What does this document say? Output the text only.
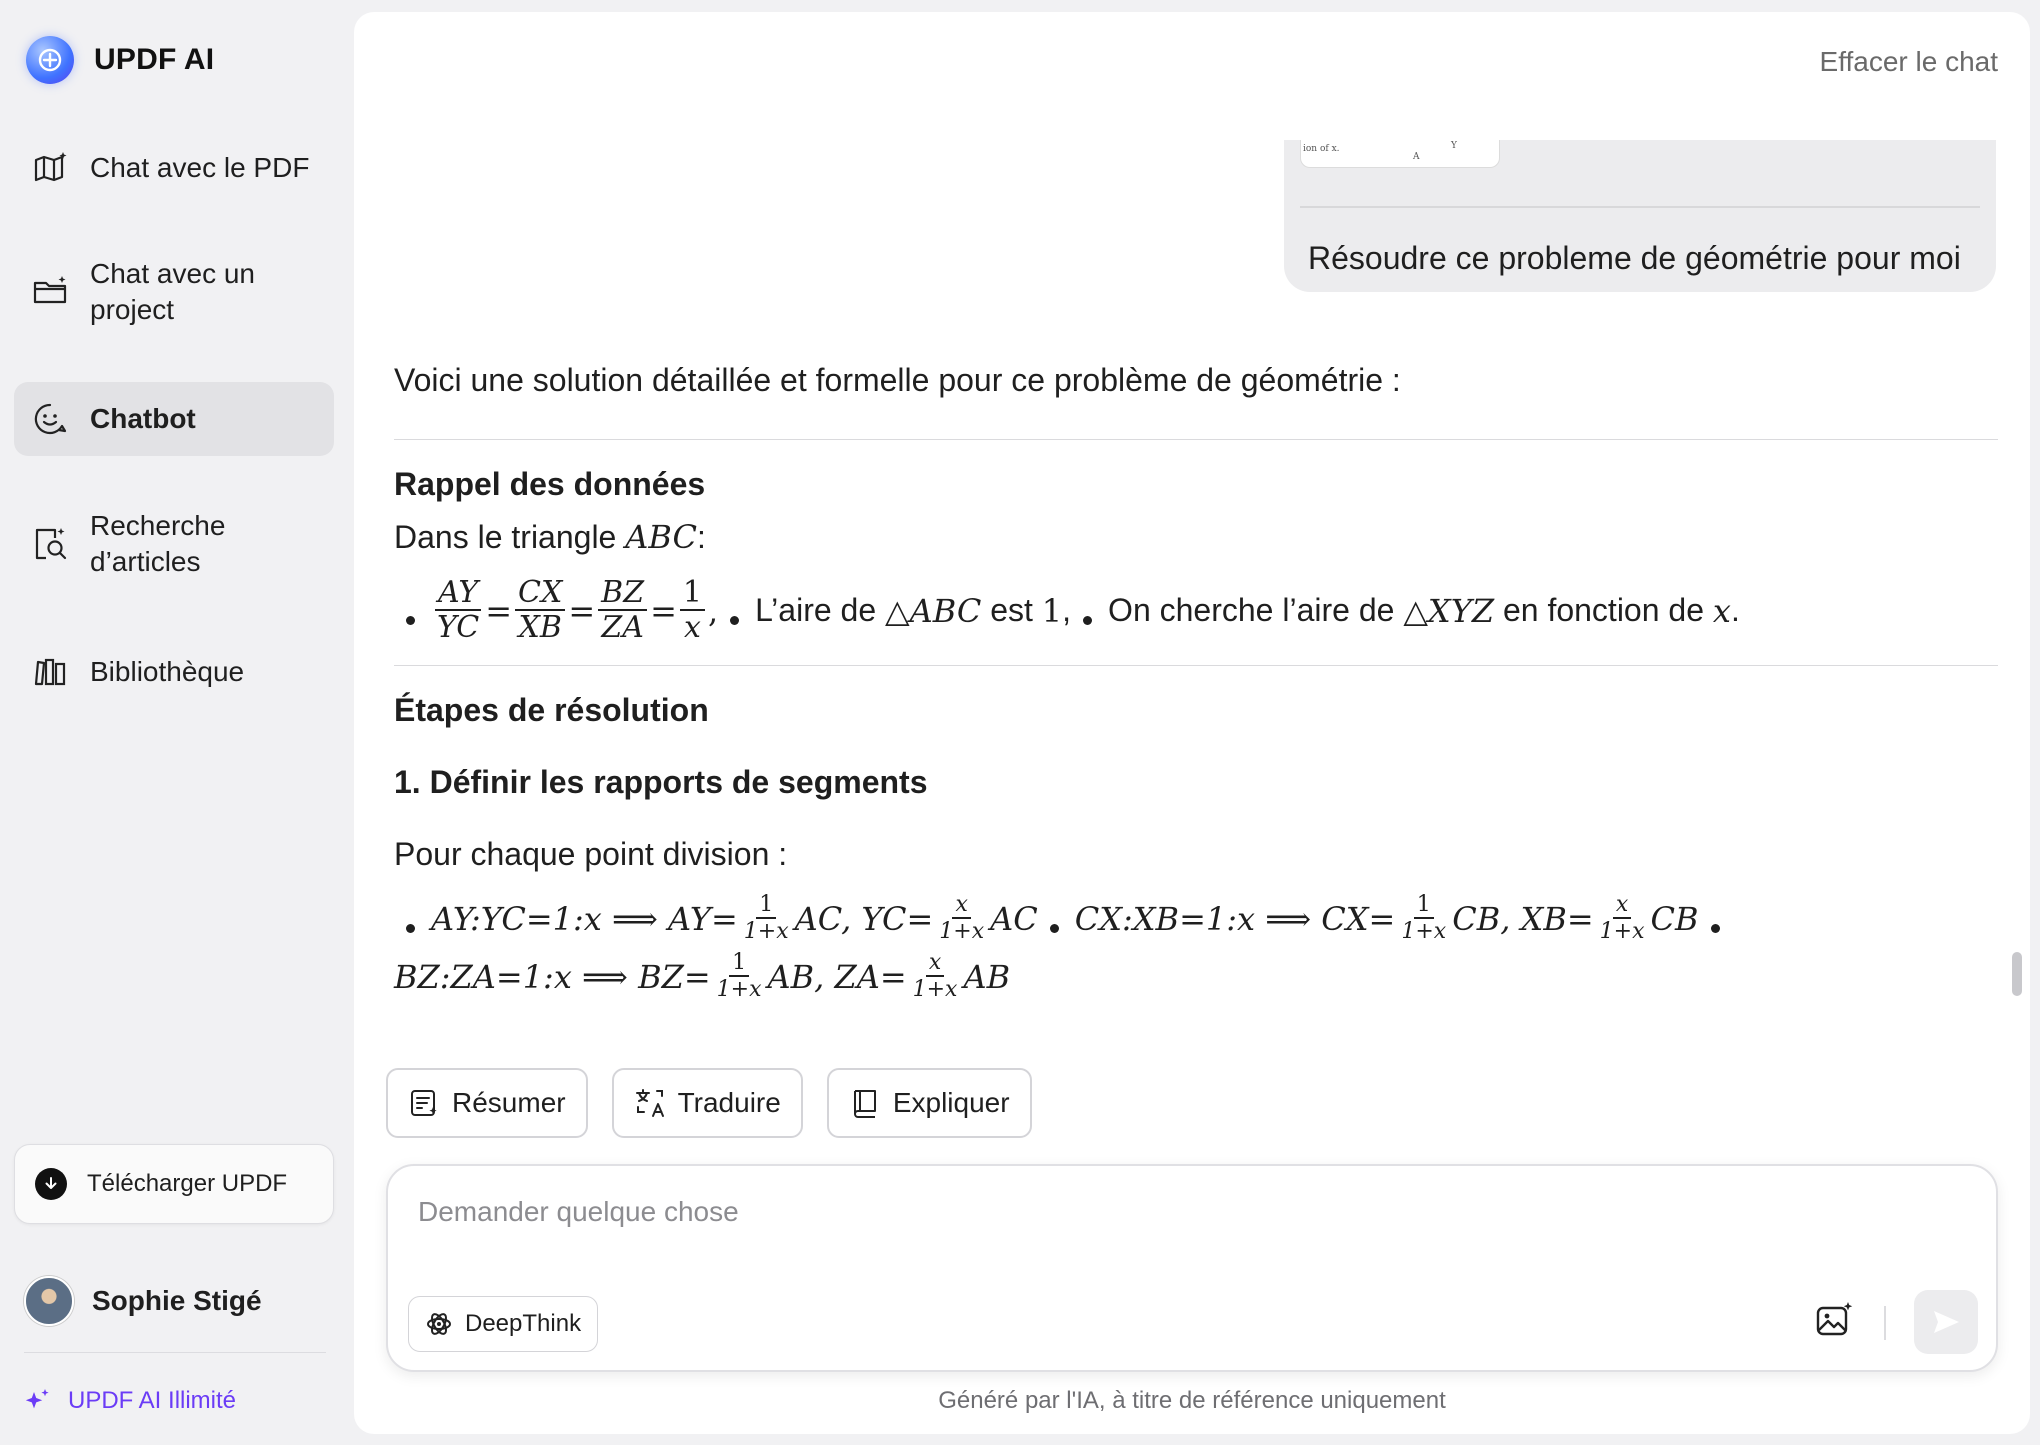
UPDF AI
Chat avec le PDF
Chat avec un project
Chatbot
Recherche d’articles
Bibliothèque
Télécharger UPDF
Sophie Stigé
UPDF AI Illimité
Effacer le chat
ion of x.
A
Y
Résoudre ce probleme de géométrie pour moi
Voici une solution détaillée et formelle pour ce problème de géométrie :
Rappel des données
Dans le triangle
ABC :
$\frac{AY}{YC} = \frac{CX}{XB} = \frac{BZ}{ZA} = \frac{1}{x}$ , L’aire de
△ABC
est
1 , On cherche l’aire de
△XYZ
en fonction de
x .
Étapes de résolution
1. Définir les rapports de segments
Pour chaque point division :
AY:YC=1:x ⟹ $AY= \frac{1}{1+x}$ AC, $YC= \frac{x}{1+x}$ AC CX:XB=1:x ⟹ $CX= \frac{1}{1+x}$ CB, $XB= \frac{x}{1+x}$ CB
BZ:ZA=1:x ⟹ $BZ= \frac{1}{1+x}$ AB, $ZA= \frac{x}{1+x}$ AB
Résumer	Traduire	Expliquer
Demander quelque chose
DeepThink
Généré par l'IA, à titre de référence uniquement
